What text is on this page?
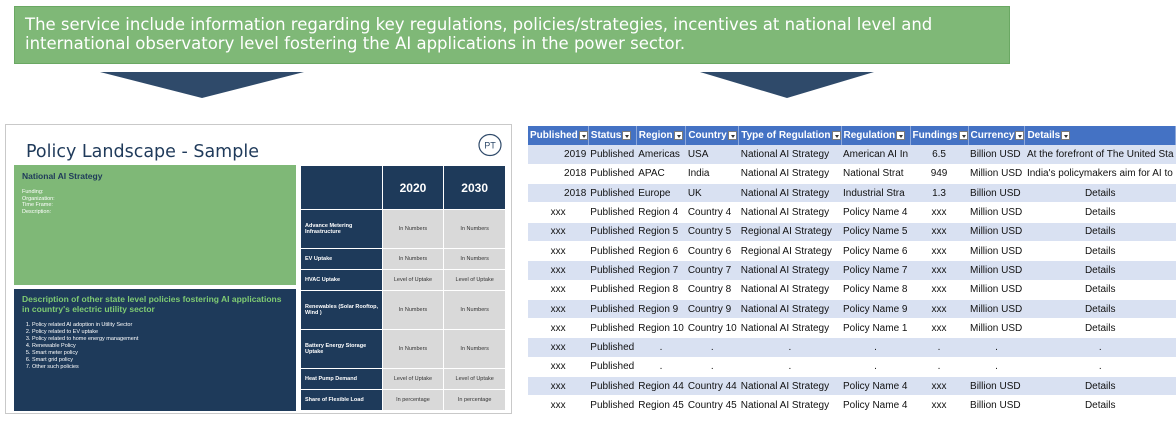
The service include information regarding key regulations, policies/strategies, incentives at national level and international observatory level fostering the AI applications in the power sector.
Policy Landscape - Sample	PT
National AI Strategy
Funding:
Organization:
Time Frame:
Description:
Description of other state level policies fostering AI applications in country's electric utility sector
1. Policy related AI adoption in Utility Sector
2. Policy related to EV uptake
3. Policy related to home energy management
4. Renewable Policy
5. Smart meter policy
6. Smart grid policy
7. Other such policies
	2020	2030
Advance Metering Infrastructure	In Numbers	In Numbers
EV Uptake	In Numbers	In Numbers
HVAC Uptake	Level of Uptake	Level of Uptake
Renewables (Solar Rooftop, Wind )	In Numbers	In Numbers
Battery Energy Storage Uptake	In Numbers	In Numbers
Heat Pump Demand	Level of Uptake	Level of Uptake
Share of Flexible Load	In percentage	In percentage
Published	Status	Region	Country	Type of Regulation	Regulation	Fundings	Currency	Details
2019	Published	Americas	USA	National AI Strategy	American AI In	6.5	Billion USD	At the forefront of The United Sta
2018	Published	APAC	India	National AI Strategy	National Strat	949	Million USD	India's policymakers aim for AI to
2018	Published	Europe	UK	National AI Strategy	Industrial Stra	1.3	Billion USD	Details
xxx	Published	Region 4	Country 4	National AI Strategy	Policy Name 4	xxx	Million USD	Details
xxx	Published	Region 5	Country 5	Regional AI Strategy	Policy Name 5	xxx	Million USD	Details
xxx	Published	Region 6	Country 6	Regional AI Strategy	Policy Name 6	xxx	Million USD	Details
xxx	Published	Region 7	Country 7	National AI Strategy	Policy Name 7	xxx	Million USD	Details
xxx	Published	Region 8	Country 8	National AI Strategy	Policy Name 8	xxx	Million USD	Details
xxx	Published	Region 9	Country 9	National AI Strategy	Policy Name 9	xxx	Million USD	Details
xxx	Published	Region 10	Country 10	National AI Strategy	Policy Name 1	xxx	Million USD	Details
xxx	Published	.	.	.	.	.	.	.
xxx	Published	.	.	.	.	.	.	.
xxx	Published	Region 44	Country 44	National AI Strategy	Policy Name 4	xxx	Billion USD	Details
xxx	Published	Region 45	Country 45	National AI Strategy	Policy Name 4	xxx	Billion USD	Details
